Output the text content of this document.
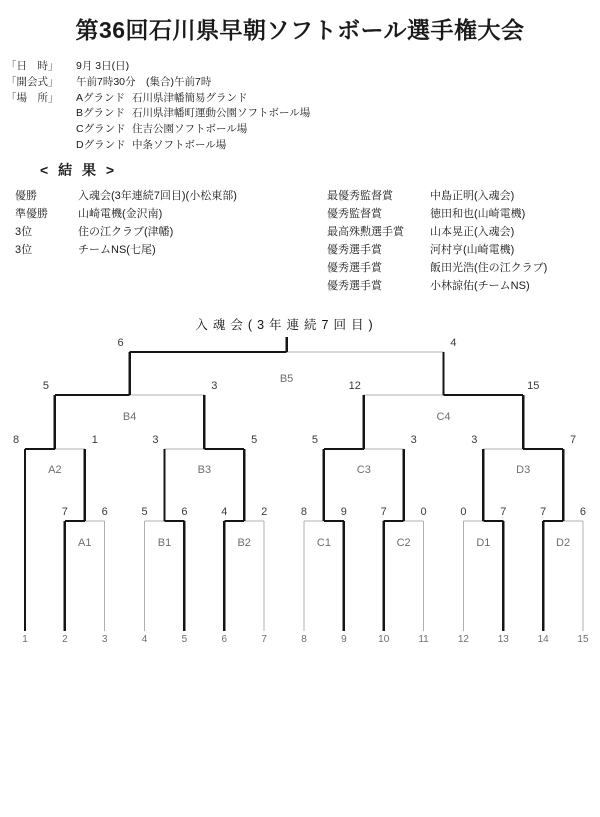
第36回石川県早朝ソフトボール選手権大会
「日　時」 9月 3日(日)
「開会式」 午前7時30分　(集合)午前7時
「場　所」 Aグランド 石川県津幡簡易グランド
Bグランド 石川県津幡町運動公園ソフトボール場
Cグランド 住吉公園ソフトボール場
Dグランド 中条ソフトボール場
< 結 果 >
優勝	入魂会(3年連続7回目)(小松東部)
準優勝	山崎電機(金沢南)
3位	住の江クラブ(津幡)
3位	チームNS(七尾)
最優秀監督賞	中島正明(入魂会)
優秀監督賞	徳田和也(山崎電機)
最高殊勲選手賞 山本晃正(入魂会)
優秀選手賞	河村亨(山崎電機)
優秀選手賞	飯田光浩(住の江クラブ)
優秀選手賞	小林諒佑(チームNS)
入魂会(3年連続7回目)
A1
7	6
B1
5	6
B2
4	2
C1
8	9
C2
7	0
D1
0	7
D2
7	6
A2
8	1
B3
3	5
C3
5	3
D3
3	7
B4
5	3
C4
12	15
B5
6	4
1	2	3	4	5	6	7	8	9	10	11	12	13	14	15
